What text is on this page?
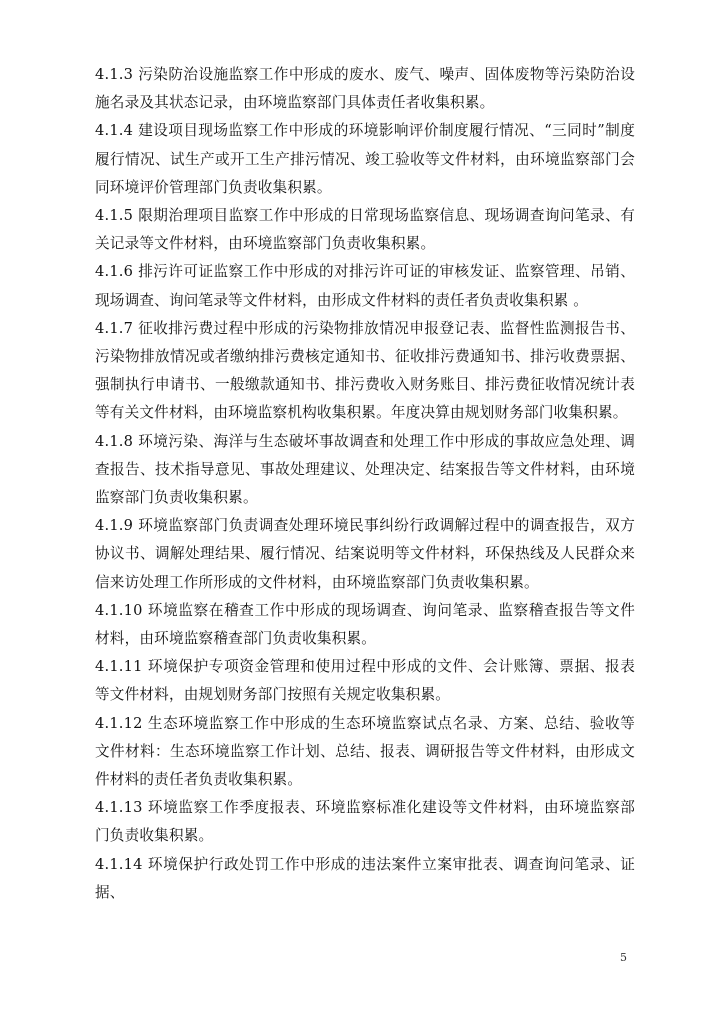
4.1.3 污染防治设施监察工作中形成的废水、废气、噪声、固体废物等污染防治设施名录及其状态记录，由环境监察部门具体责任者收集积累。

4.1.4 建设项目现场监察工作中形成的环境影响评价制度履行情况、“三同时”制度履行情况、试生产或开工生产排污情况、竣工验收等文件材料，由环境监察部门会同环境评价管理部门负责收集积累。

4.1.5 限期治理项目监察工作中形成的日常现场监察信息、现场调查询问笔录、有关记录等文件材料，由环境监察部门负责收集积累。

4.1.6 排污许可证监察工作中形成的对排污许可证的审核发证、监察管理、吊销、现场调查、询问笔录等文件材料，由形成文件材料的责任者负责收集积累 。

4.1.7 征收排污费过程中形成的污染物排放情况申报登记表、监督性监测报告书、污染物排放情况或者缴纳排污费核定通知书、征收排污费通知书、排污收费票据、强制执行申请书、一般缴款通知书、排污费收入财务账目、排污费征收情况统计表等有关文件材料，由环境监察机构收集积累。年度决算由规划财务部门收集积累。

4.1.8 环境污染、海洋与生态破坏事故调查和处理工作中形成的事故应急处理、调查报告、技术指导意见、事故处理建议、处理决定、结案报告等文件材料，由环境监察部门负责收集积累。

4.1.9 环境监察部门负责调查处理环境民事纠纷行政调解过程中的调查报告，双方协议书、调解处理结果、履行情况、结案说明等文件材料，环保热线及人民群众来信来访处理工作所形成的文件材料，由环境监察部门负责收集积累。

4.1.10 环境监察在稽查工作中形成的现场调查、询问笔录、监察稽查报告等文件材料，由环境监察稽查部门负责收集积累。

4.1.11 环境保护专项资金管理和使用过程中形成的文件、会计账簿、票据、报表等文件材料，由规划财务部门按照有关规定收集积累。

4.1.12 生态环境监察工作中形成的生态环境监察试点名录、方案、总结、验收等文件材料：生态环境监察工作计划、总结、报表、调研报告等文件材料，由形成文件材料的责任者负责收集积累。

4.1.13 环境监察工作季度报表、环境监察标准化建设等文件材料，由环境监察部门负责收集积累。

4.1.14 环境保护行政处罚工作中形成的违法案件立案审批表、调查询问笔录、证据、

5
